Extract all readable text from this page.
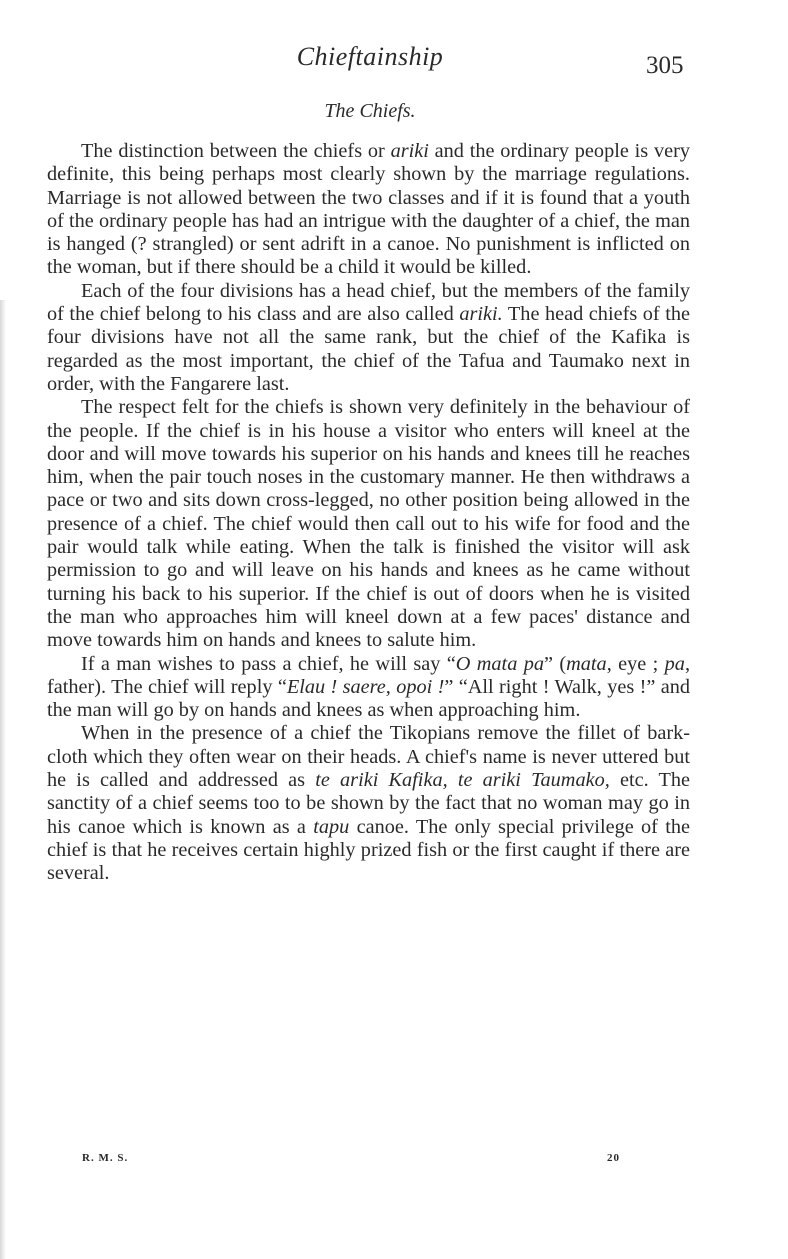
Chieftainship	305
The Chiefs.

The distinction between the chiefs or ariki and the ordinary people is very definite, this being perhaps most clearly shown by the marriage regulations. Marriage is not allowed between the two classes and if it is found that a youth of the ordinary people has had an intrigue with the daughter of a chief, the man is hanged (? strangled) or sent adrift in a canoe. No punishment is inflicted on the woman, but if there should be a child it would be killed.

Each of the four divisions has a head chief, but the members of the family of the chief belong to his class and are also called ariki. The head chiefs of the four divisions have not all the same rank, but the chief of the Kafika is regarded as the most important, the chief of the Tafua and Taumako next in order, with the Fangarere last.

The respect felt for the chiefs is shown very definitely in the behaviour of the people. If the chief is in his house a visitor who enters will kneel at the door and will move towards his superior on his hands and knees till he reaches him, when the pair touch noses in the customary manner. He then withdraws a pace or two and sits down cross-legged, no other position being allowed in the presence of a chief. The chief would then call out to his wife for food and the pair would talk while eating. When the talk is finished the visitor will ask permission to go and will leave on his hands and knees as he came without turning his back to his superior. If the chief is out of doors when he is visited the man who approaches him will kneel down at a few paces' distance and move towards him on hands and knees to salute him.

If a man wishes to pass a chief, he will say “O mata pa” (mata, eye ; pa, father). The chief will reply “Elau ! saere, opoi !” “All right ! Walk, yes !” and the man will go by on hands and knees as when approaching him.

When in the presence of a chief the Tikopians remove the fillet of bark-cloth which they often wear on their heads. A chief's name is never uttered but he is called and addressed as te ariki Kafika, te ariki Taumako, etc. The sanctity of a chief seems too to be shown by the fact that no woman may go in his canoe which is known as a tapu canoe. The only special privilege of the chief is that he receives certain highly prized fish or the first caught if there are several.

R. M. S.	20
